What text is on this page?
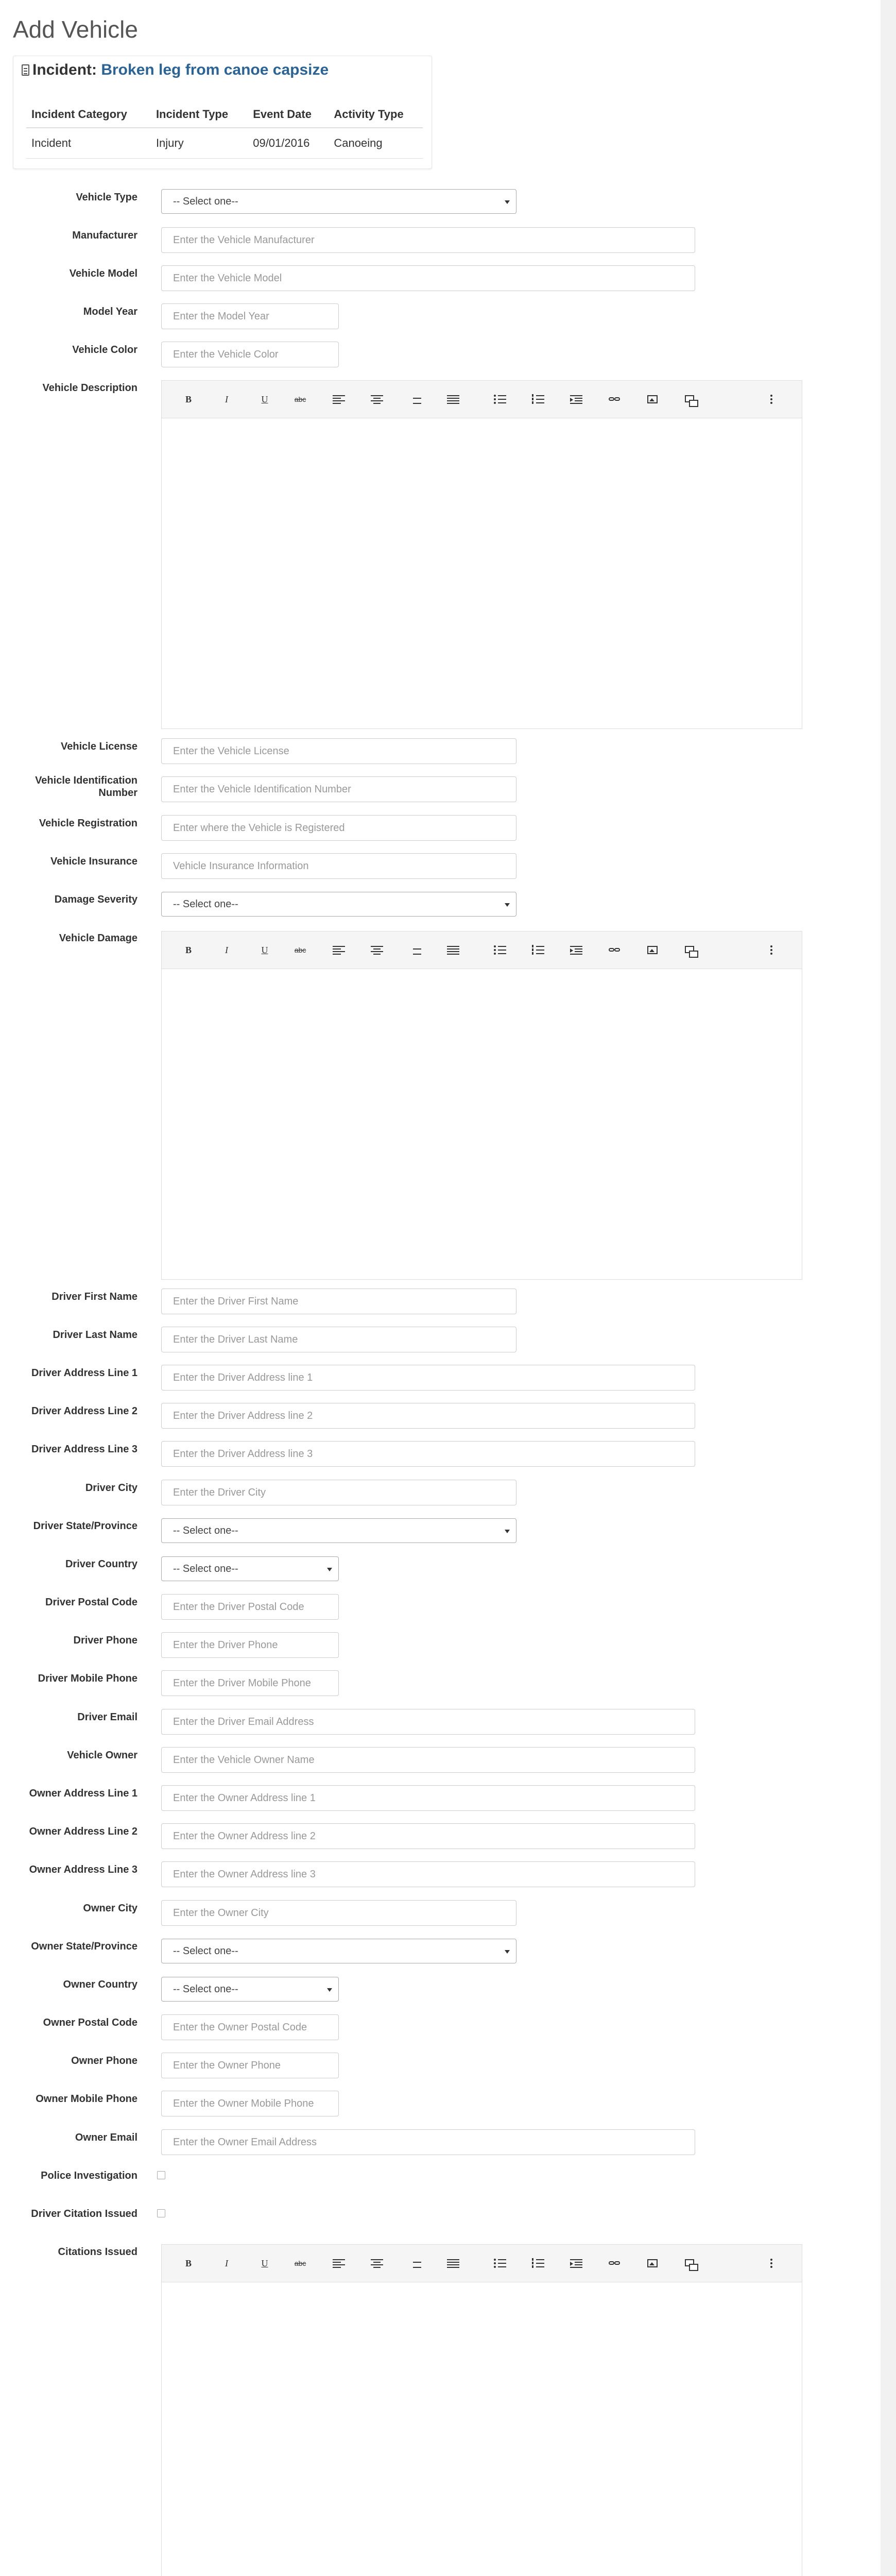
Add Vehicle
Incident: Broken leg from canoe capsize
Incident Category	Incident Type	Event Date	Activity Type
Incident	Injury	09/01/2016	Canoeing
Vehicle Type	-- Select one--
Manufacturer	Enter the Vehicle Manufacturer
Vehicle Model	Enter the Vehicle Model
Model Year	Enter the Model Year
Vehicle Color	Enter the Vehicle Color
Vehicle Description
B	I	U	abc
Vehicle License	Enter the Vehicle License
Vehicle Identification Number	Enter the Vehicle Identification Number
Vehicle Registration	Enter where the Vehicle is Registered
Vehicle Insurance	Vehicle Insurance Information
Damage Severity	-- Select one--
Vehicle Damage
B	I	U	abc
Driver First Name	Enter the Driver First Name
Driver Last Name	Enter the Driver Last Name
Driver Address Line 1	Enter the Driver Address line 1
Driver Address Line 2	Enter the Driver Address line 2
Driver Address Line 3	Enter the Driver Address line 3
Driver City	Enter the Driver City
Driver State/Province	-- Select one--
Driver Country	-- Select one--
Driver Postal Code	Enter the Driver Postal Code
Driver Phone	Enter the Driver Phone
Driver Mobile Phone	Enter the Driver Mobile Phone
Driver Email	Enter the Driver Email Address
Vehicle Owner	Enter the Vehicle Owner Name
Owner Address Line 1	Enter the Owner Address line 1
Owner Address Line 2	Enter the Owner Address line 2
Owner Address Line 3	Enter the Owner Address line 3
Owner City	Enter the Owner City
Owner State/Province	-- Select one--
Owner Country	-- Select one--
Owner Postal Code	Enter the Owner Postal Code
Owner Phone	Enter the Owner Phone
Owner Mobile Phone	Enter the Owner Mobile Phone
Owner Email	Enter the Owner Email Address
Police Investigation
Driver Citation Issued
Citations Issued
B	I	U	abc
